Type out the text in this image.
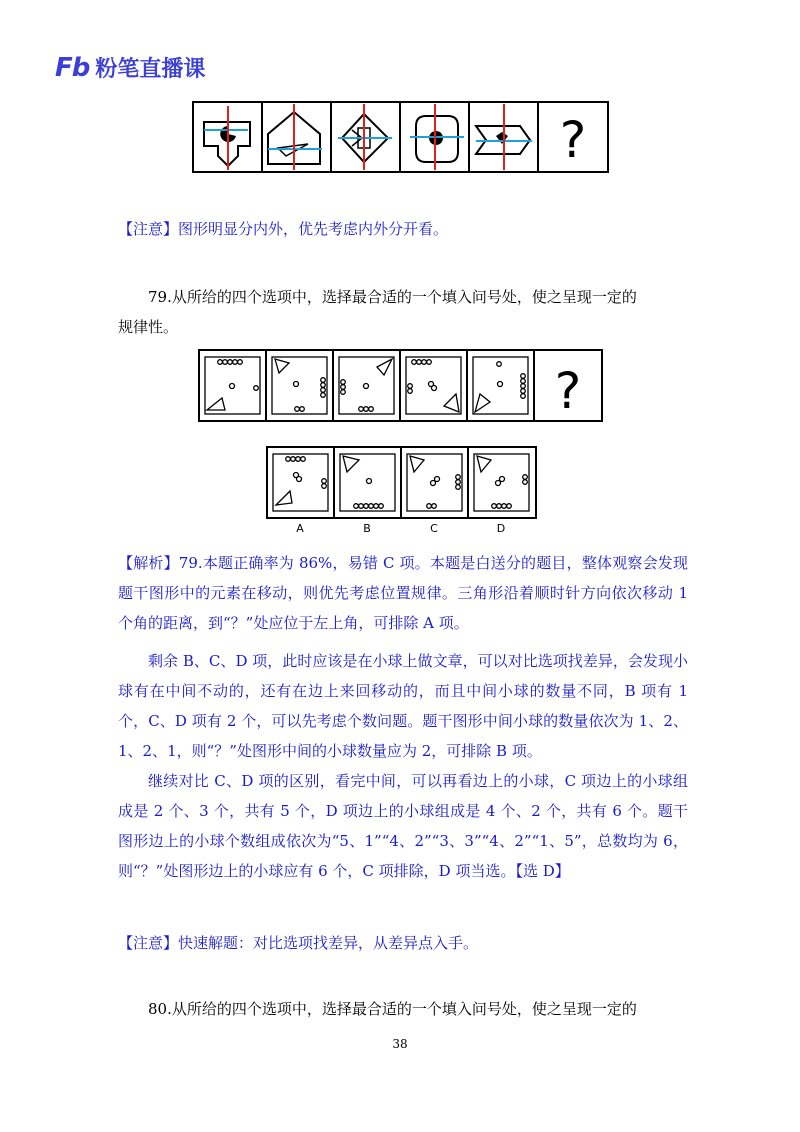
Fb 粉笔直播课
?
【注意】图形明显分内外，优先考虑内外分开看。
79.从所给的四个选项中，选择最合适的一个填入问号处，使之呈现一定的
规律性。
?
A	B	C	D
【解析】79.本题正确率为 86%，易错 C 项。本题是白送分的题目，整体观察会发现题干图形中的元素在移动，则优先考虑位置规律。三角形沿着顺时针方向依次移动 1 个角的距离，到“？”处应位于左上角，可排除 A 项。
剩余 B、C、D 项，此时应该是在小球上做文章，可以对比选项找差异，会发现小球有在中间不动的，还有在边上来回移动的，而且中间小球的数量不同，B 项有 1 个，C、D 项有 2 个，可以先考虑个数问题。题干图形中间小球的数量依次为 1、2、1、2、1，则“？”处图形中间的小球数量应为 2，可排除 B 项。
继续对比 C、D 项的区别，看完中间，可以再看边上的小球，C 项边上的小球组成是 2 个、3 个，共有 5 个，D 项边上的小球组成是 4 个、2 个，共有 6 个。题干图形边上的小球个数组成依次为“5、1”“4、2”“3、3”“4、2”“1、5”，总数均为 6，则“？”处图形边上的小球应有 6 个，C 项排除，D 项当选。【选 D】
【注意】快速解题：对比选项找差异，从差异点入手。
80.从所给的四个选项中，选择最合适的一个填入问号处，使之呈现一定的
38
